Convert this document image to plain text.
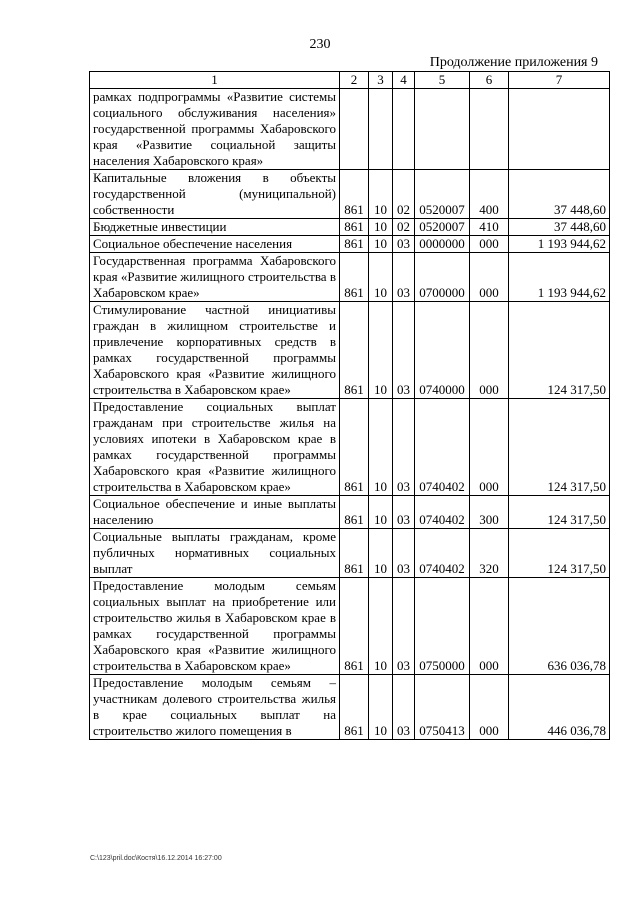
230
Продолжение приложения 9
1	2	3	4	5	6	7
рамках подпрограммы «Развитие системы социального обслуживания населения» государственной программы Хабаровского края «Развитие социальной защиты населения Хабаровского края»						
Капитальные вложения в объекты государственной (муниципальной) собственности	861	10	02	0520007	400	37 448,60
Бюджетные инвестиции	861	10	02	0520007	410	37 448,60
Социальное обеспечение населения	861	10	03	0000000	000	1 193 944,62
Государственная программа Хабаровского края «Развитие жилищного строительства в Хабаровском крае»	861	10	03	0700000	000	1 193 944,62
Стимулирование частной инициативы граждан в жилищном строительстве и привлечение корпоративных средств в рамках государственной программы Хабаровского края «Развитие жилищного строительства в Хабаровском крае»	861	10	03	0740000	000	124 317,50
Предоставление социальных выплат гражданам при строительстве жилья на условиях ипотеки в Хабаровском крае в рамках государственной программы Хабаровского края «Развитие жилищного строительства в Хабаровском крае»	861	10	03	0740402	000	124 317,50
Социальное обеспечение и иные выплаты населению	861	10	03	0740402	300	124 317,50
Социальные выплаты гражданам, кроме публичных нормативных социальных выплат	861	10	03	0740402	320	124 317,50
Предоставление молодым семьям социальных выплат на приобретение или строительство жилья в Хабаровском крае в рамках государственной программы Хабаровского края «Развитие жилищного строительства в Хабаровском крае»	861	10	03	0750000	000	636 036,78
Предоставление молодым семьям – участникам долевого строительства жилья в крае социальных выплат на строительство жилого помещения в	861	10	03	0750413	000	446 036,78
C:\123\pril.doc\Костя\16.12.2014 16:27:00
